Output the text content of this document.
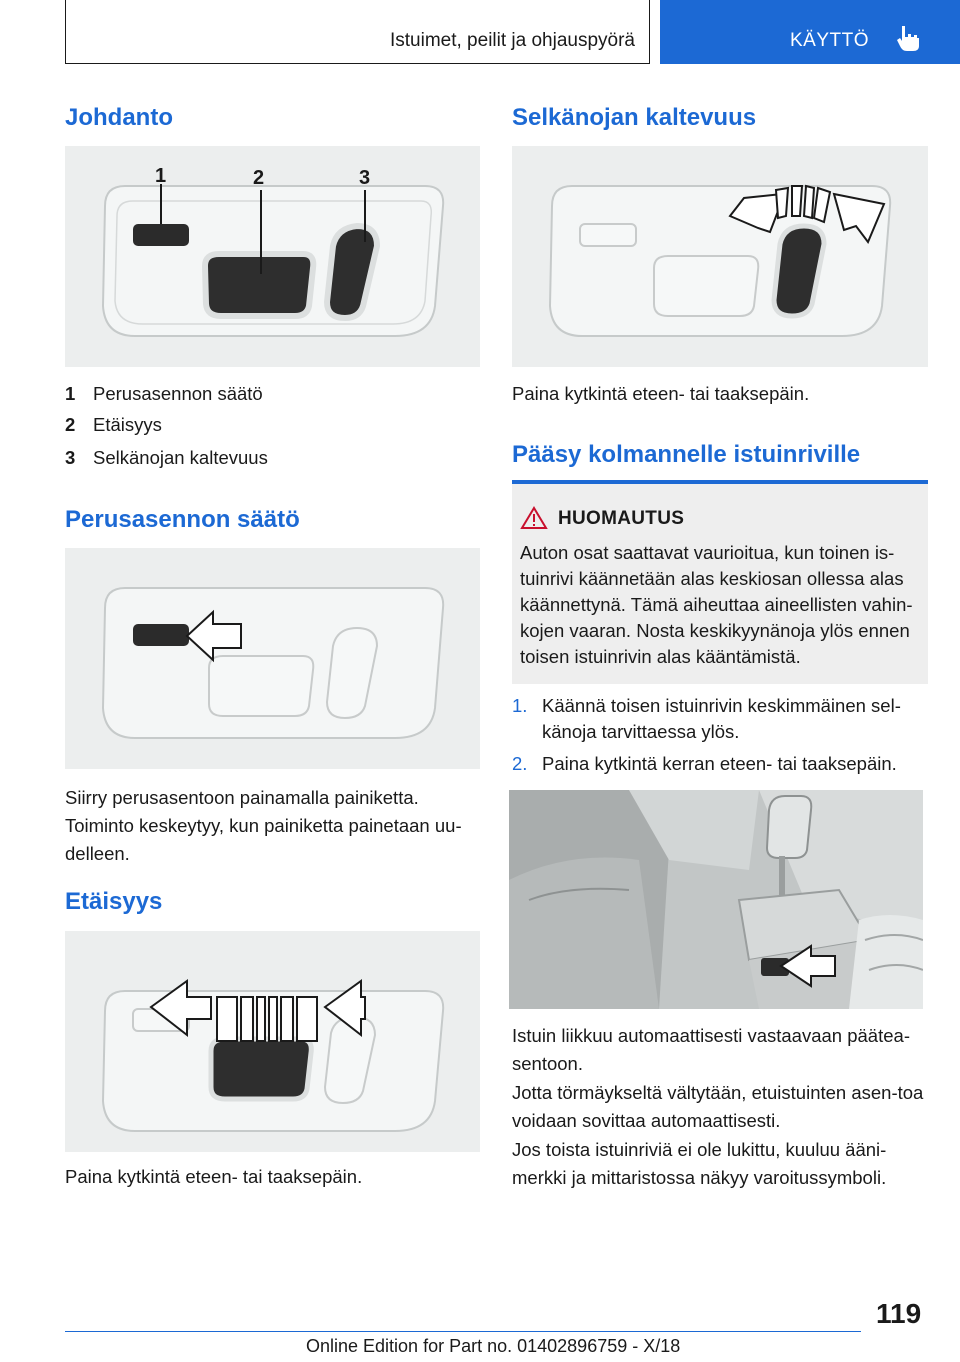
Istuimet, peilit ja ohjauspyörä	KÄYTTÖ
Johdanto
1	2	3
1 Perusasennon säätö
2 Etäisyys
3 Selkänojan kaltevuus
Perusasennon säätö
Siirry perusasentoon painamalla painiketta.
Toiminto keskeytyy, kun painiketta painetaan uu-delleen.
Etäisyys
Paina kytkintä eteen- tai taaksepäin.
Selkänojan kaltevuus
Paina kytkintä eteen- tai taaksepäin.
Pääsy kolmannelle istuinriville
HUOMAUTUS
Auton osat saattavat vaurioitua, kun toinen is-tuinrivi käännetään alas keskiosan ollessa alas käännettynä. Tämä aiheuttaa aineellisten vahin-kojen vaaran. Nosta keskikyynänoja ylös ennen toisen istuinrivin alas kääntämistä.
1. Käännä toisen istuinrivin keskimmäinen sel-känoja tarvittaessa ylös.
2. Paina kytkintä kerran eteen- tai taaksepäin.
Istuin liikkuu automaattisesti vastaavaan päätea-sentoon.
Jotta törmäykseltä vältytään, etuistuinten asen-toa voidaan sovittaa automaattisesti.
Jos toista istuinriviä ei ole lukittu, kuuluu ääni-merkki ja mittaristossa näkyy varoitussymboli.
119
Online Edition for Part no. 01402896759 - X/18
